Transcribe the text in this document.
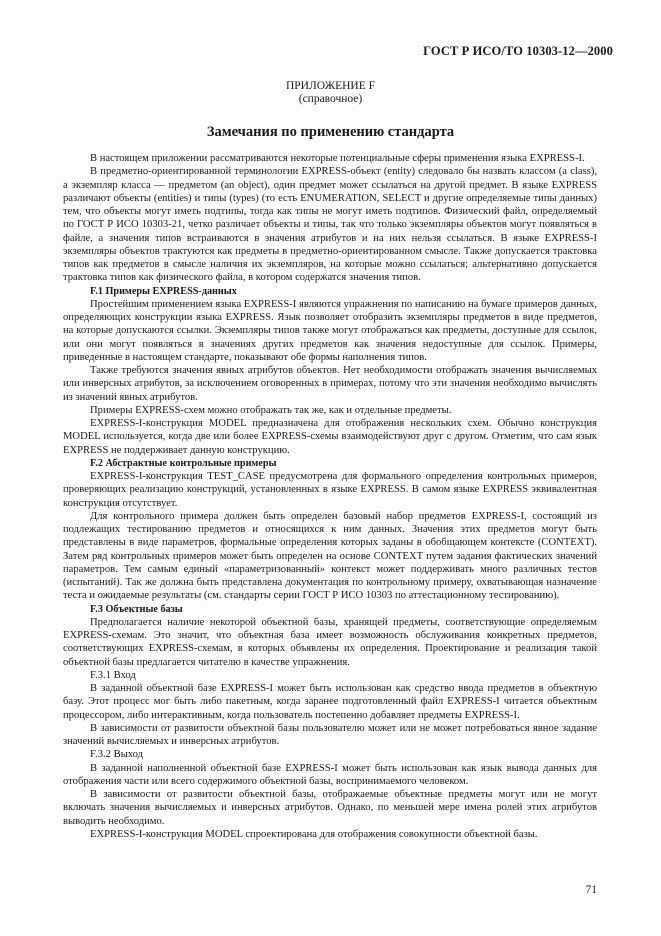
ГОСТ Р ИСО/ТО 10303-12—2000
ПРИЛОЖЕНИЕ F
(справочное)
Замечания по применению стандарта

В настоящем приложении рассматриваются некоторые потенциальные сферы применения языка EXPRESS-I.

В предметно-ориентированной терминологии EXPRESS-объект (entity) следовало бы назвать классом (a class), а экземпляр класса — предметом (an object), один предмет может ссылаться на другой предмет. В языке EXPRESS различают объекты (entities) и типы (types) (то есть ENUMERATION, SELECT и другие определяемые типы данных) тем, что объекты могут иметь подтипы, тогда как типы не могут иметь подтипов. Физический файл, определяемый по ГОСТ Р ИСО 10303-21, четко различает объекты и типы, так что только экземпляры объектов могут появляться в файле, а значения типов встраиваются в значения атрибутов и на них нельзя ссылаться. В языке EXPRESS-I экземпляры объектов трактуются как предметы в предметно-ориентированном смысле. Также допускается трактовка типов как предметов в смысле наличия их экземпляров, на которые можно ссылаться; альтернативно допускается трактовка типов как физического файла, в котором содержатся значения типов.

F.1 Примеры EXPRESS-данных

Простейшим применением языка EXPRESS-I являются упражнения по написанию на бумаге примеров данных, определяющих конструкции языка EXPRESS. Язык позволяет отобразить экземпляры предметов в виде предметов, на которые допускаются ссылки. Экземпляры типов также могут отображаться как предметы, доступные для ссылок, или они могут появляться в значениях других предметов как значения недоступные для ссылок. Примеры, приведенные в настоящем стандарте, показывают обе формы наполнения типов.

Также требуются значения явных атрибутов объектов. Нет необходимости отображать значения вычисляемых или инверсных атрибутов, за исключением оговоренных в примерах, потому что эти значения необходимо вычислять из значений явных атрибутов.

Примеры EXPRESS-схем можно отображать так же, как и отдельные предметы.

EXPRESS-I-конструкция MODEL предназначена для отображения нескольких схем. Обычно конструкция MODEL используется, когда две или более EXPRESS-схемы взаимодействуют друг с другом. Отметим, что сам язык EXPRESS не поддерживает данную конструкцию.

F.2 Абстрактные контрольные примеры

EXPRESS-I-конструкция TEST_CASE предусмотрена для формального определения контрольных примеров, проверяющих реализацию конструкций, установленных в языке EXPRESS. В самом языке EXPRESS эквивалентная конструкция отсутствует.

Для контрольного примера должен быть определен базовый набор предметов EXPRESS-I, состоящий из подлежащих тестированию предметов и относящихся к ним данных. Значения этих предметов могут быть представлены в виде параметров, формальные определения которых заданы в обобщающем контексте (CONTEXT). Затем ряд контрольных примеров может быть определен на основе CONTEXT путем задания фактических значений параметров. Тем самым единый «параметризованный» контекст может поддерживать много различных тестов (испытаний). Так же должна быть представлена документация по контрольному примеру, охватывающая назначение теста и ожидаемые результаты (см. стандарты серии ГОСТ Р ИСО 10303 по аттестационному тестированию).

F.3 Объектные базы

Предполагается наличие некоторой объектной базы, хранящей предметы, соответствующие определяемым EXPRESS-схемам. Это значит, что объектная база имеет возможность обслуживания конкретных предметов, соответствующих EXPRESS-схемам, в которых объявлены их определения. Проектирование и реализация такой объектной базы предлагается читателю в качестве упражнения.

F.3.1 Вход

В заданной объектной базе EXPRESS-I может быть использован как средство ввода предметов в объектную базу. Этот процесс мог быть либо пакетным, когда заранее подготовленный файл EXPRESS-I читается объектным процессором, либо интерактивным, когда пользователь постепенно добавляет предметы EXPRESS-I.

В зависимости от развитости объектной базы пользователю может или не может потребоваться явное задание значений вычисляемых и инверсных атрибутов.

F.3.2 Выход

В заданной наполненной объектной базе EXPRESS-I может быть использован как язык вывода данных для отображения части или всего содержимого объектной базы, воспринимаемого человеком.

В зависимости от развитости объектной базы, отображаемые объектные предметы могут или не могут включать значения вычисляемых и инверсных атрибутов. Однако, по меньшей мере имена ролей этих атрибутов выводить необходимо.

EXPRESS-I-конструкция MODEL спроектирована для отображения совокупности объектной базы.

71
